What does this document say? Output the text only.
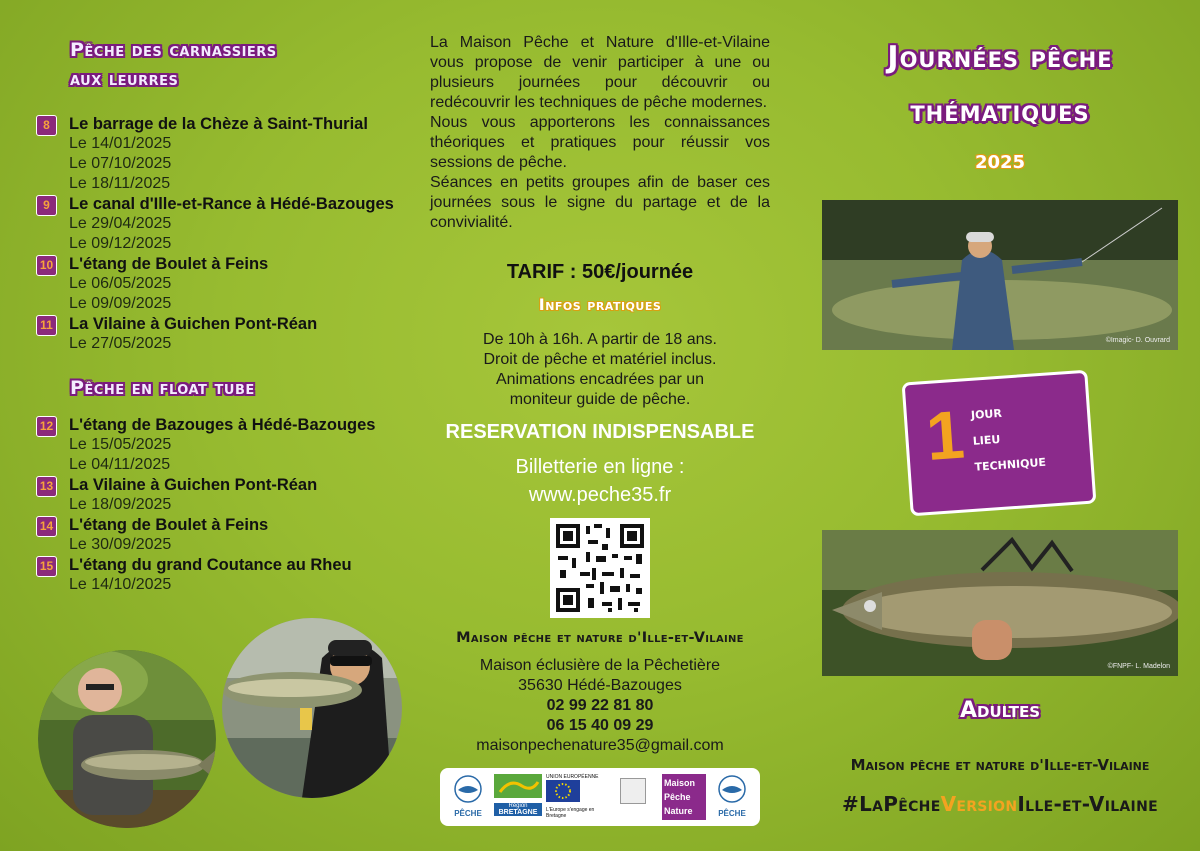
Pêche des carnassiers
aux leurres
8	Le barrage de la Chèze à Saint-Thurial
Le 14/01/2025
Le 07/10/2025
Le 18/11/2025
9	Le canal d'Ille-et-Rance à Hédé-Bazouges
Le 29/04/2025
Le 09/12/2025
10 L'étang de Boulet à Feins
Le 06/05/2025
Le 09/09/2025
11 La Vilaine à Guichen Pont-Réan
Le 27/05/2025
Pêche en float tube
12 L'étang de Bazouges à Hédé-Bazouges
Le 15/05/2025
Le 04/11/2025
13 La Vilaine à Guichen Pont-Réan
Le 18/09/2025
14 L'étang de Boulet à Feins
Le 30/09/2025
15 L'étang du grand Coutance au Rheu
Le 14/10/2025

La Maison Pêche et Nature d'Ille-et-Vilaine vous propose de venir participer à une ou plusieurs journées pour découvrir ou redécouvrir les techniques de pêche modernes.

Nous vous apporterons les connaissances théoriques et pratiques pour réussir vos sessions de pêche.

Séances en petits groupes afin de baser ces journées sous le signe du partage et de la convivialité.

TARIF : 50€/journée
Infos pratiques
De 10h à 16h. A partir de 18 ans.
Droit de pêche et matériel inclus.
Animations encadrées par un
moniteur guide de pêche.
RESERVATION INDISPENSABLE
Billetterie en ligne :
www.peche35.fr
Maison pêche et nature d'Ille-et-Vilaine
Maison éclusière de la Pêchetière
35630 Hédé-Bazouges
02 99 22 81 80
06 15 40 09 29
maisonpechenature35@gmail.com
PÊCHE
Région
BRETAGNE
UNION EUROPÉENNE
L'Europe s'engage en Bretagne
Maison
Pêche
Nature	PÊCHE
Journées pêche
thématiques
2025
©Imagic- D. Ouvrard
1 jour
lieu
technique
©FNPF- L. Madelon
Adultes
Maison pêche et nature d'Ille-et-Vilaine
#LaPêcheVersionIlle-et-Vilaine
